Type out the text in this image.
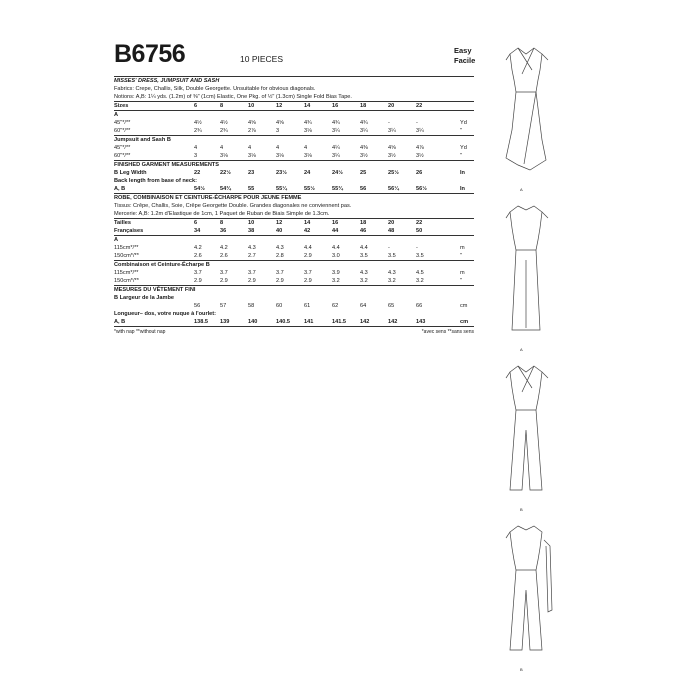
B6756	10 PIECES
Easy
Facile
MISSES' DRESS, JUMPSUIT AND SASH
Fabrics: Crepe, Challis, Silk, Double Georgette. Unsuitable for obvious diagonals.
Notions: A,B: 1¼ yds. (1.2m) of ⅜" (1cm) Elastic, One Pkg. of ½" (1.3cm) Single Fold Bias Tape.
Sizes	6	8	10	12	14	16	18	20	22
A
45"*/**	4½	4½	4⅝	4⅝	4¾	4¾	4¾	-	-	Yd
60"*/**	2¾	2¾	2⅞	3	3⅛	3¼	3¼	3¼	3¼	"
Jumpsuit and Sash B
45"*/**	4	4	4	4	4	4¼	4⅜	4⅝	4⅞	Yd
60"*/**	3	3⅛	3⅛	3⅛	3⅛	3¼	3½	3½	3½	"
FINISHED GARMENT MEASUREMENTS
B Leg Width	22	22½	23	23½	24	24½	25	25½	26	In
Back length from base of neck:
A, B	54½	54¾	55	55¼	55½	55¾	56	56¼	56½	In
ROBE, COMBINAISON ET CEINTURE-ÉCHARPE POUR JEUNE FEMME
Tissus: Crêpe, Challis, Soie, Crêpe Georgette Double. Grandes diagonales ne conviennent pas.
Mercerie: A,B: 1.2m d'Elastique de 1cm, 1 Paquet de Ruban de Biais Simple de 1.3cm.
Tailles	6	8	10	12	14	16	18	20	22
Françaises	34	36	38	40	42	44	46	48	50
A
115cm*/**	4.2	4.2	4.3	4.3	4.4	4.4	4.4	-	-	m
150cm*/**	2.6	2.6	2.7	2.8	2.9	3.0	3.5	3.5	3.5	"
Combinaison et Ceinture-Écharpe B
115cm*/**	3.7	3.7	3.7	3.7	3.7	3.9	4.3	4.3	4.5	m
150cm*/**	2.9	2.9	2.9	2.9	2.9	3.2	3.2	3.2	3.2	"
MESURES DU VÊTEMENT FINI
B Largeur de la Jambe
56	57	58	60	61	62	64	65	66	cm
Longueur– dos, votre nuque à l'ourlet:
A, B	138.5	139	140	140.5	141	141.5	142	142	143	cm
*with nap **without nap	*avec sens **sans sens
A
A
B
B
